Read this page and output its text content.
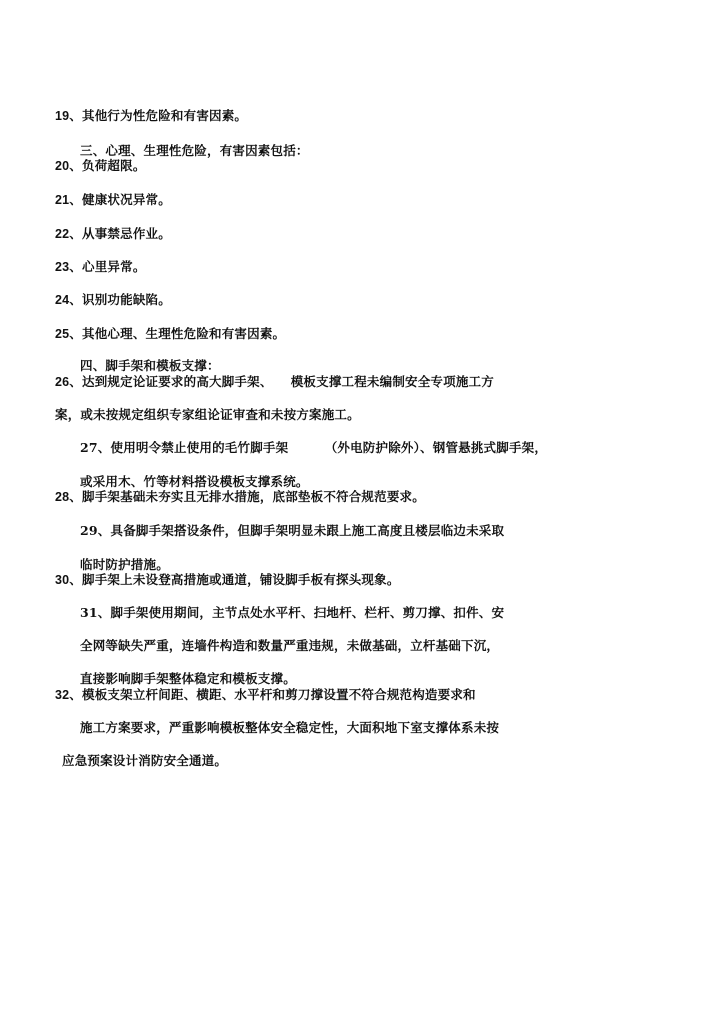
19、其他行为性危险和有害因素。
三、心理、生理性危险，有害因素包括：
20、负荷超限。
21、健康状况异常。
22、从事禁忌作业。
23、心里异常。
24、识别功能缺陷。
25、其他心理、生理性危险和有害因素。
四、脚手架和模板支撑：
26、达到规定论证要求的高大脚手架、    模板支撑工程未编制安全专项施工方
案，或未按规定组织专家组论证审查和未按方案施工。
27、使用明令禁止使用的毛竹脚手架        （外电防护除外）、钢管悬挑式脚手架，
或采用木、竹等材料搭设模板支撑系统。
28、脚手架基础未夯实且无排水措施，底部垫板不符合规范要求。
29、具备脚手架搭设条件，但脚手架明显未跟上施工高度且楼层临边未采取
临时防护措施。
30、脚手架上未设登高措施或通道，铺设脚手板有探头现象。
31、脚手架使用期间，主节点处水平杆、扫地杆、栏杆、剪刀撑、扣件、安
全网等缺失严重，连墙件构造和数量严重违规，未做基础，立杆基础下沉，
直接影响脚手架整体稳定和模板支撑。
32、模板支架立杆间距、横距、水平杆和剪刀撑设置不符合规范构造要求和
施工方案要求，严重影响模板整体安全稳定性，大面积地下室支撑体系未按
应急预案设计消防安全通道。
